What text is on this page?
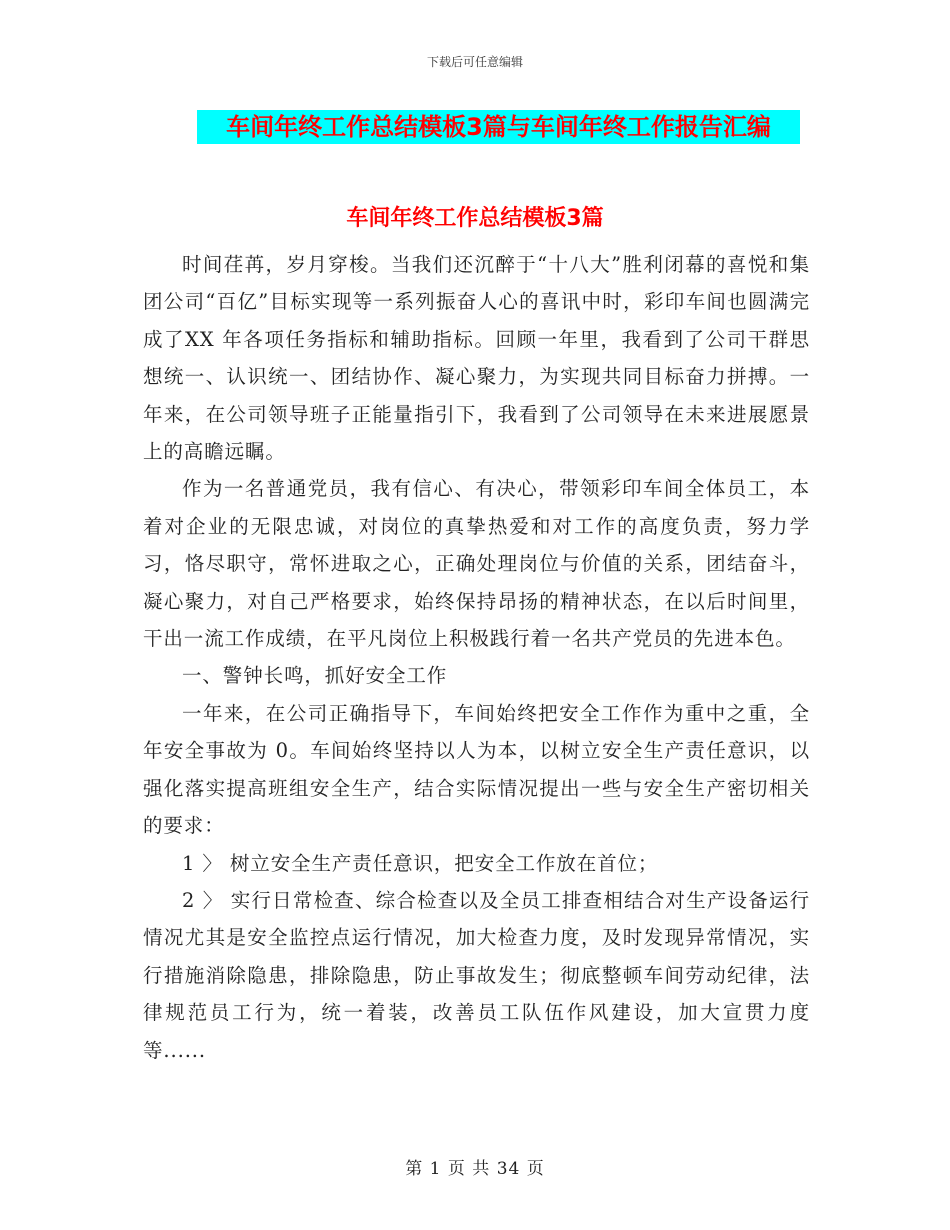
下载后可任意编辑
车间年终工作总结模板3篇与车间年终工作报告汇编
车间年终工作总结模板3篇

时间荏苒，岁月穿梭。当我们还沉醉于“十八大”胜利闭幕的喜悦和集团公司“百亿”目标实现等一系列振奋人心的喜讯中时，彩印车间也圆满完成了XX 年各项任务指标和辅助指标。回顾一年里，我看到了公司干群思想统一、认识统一、团结协作、凝心聚力，为实现共同目标奋力拼搏。一年来，在公司领导班子正能量指引下，我看到了公司领导在未来进展愿景上的高瞻远瞩。

作为一名普通党员，我有信心、有决心，带领彩印车间全体员工，本着对企业的无限忠诚，对岗位的真挚热爱和对工作的高度负责，努力学习，恪尽职守，常怀进取之心，正确处理岗位与价值的关系，团结奋斗，凝心聚力，对自己严格要求，始终保持昂扬的精神状态，在以后时间里，干出一流工作成绩，在平凡岗位上积极践行着一名共产党员的先进本色。

一、警钟长鸣，抓好安全工作

一年来，在公司正确指导下，车间始终把安全工作作为重中之重，全年安全事故为 0。车间始终坚持以人为本，以树立安全生产责任意识，以强化落实提高班组安全生产，结合实际情况提出一些与安全生产密切相关的要求：

1 〉 树立安全生产责任意识，把安全工作放在首位；

2 〉 实行日常检查、综合检查以及全员工排查相结合对生产设备运行情况尤其是安全监控点运行情况，加大检查力度，及时发现异常情况，实行措施消除隐患，排除隐患，防止事故发生；彻底整顿车间劳动纪律，法律规范员工行为，统一着装，改善员工队伍作风建设，加大宣贯力度等......

第 1 页 共 34 页
